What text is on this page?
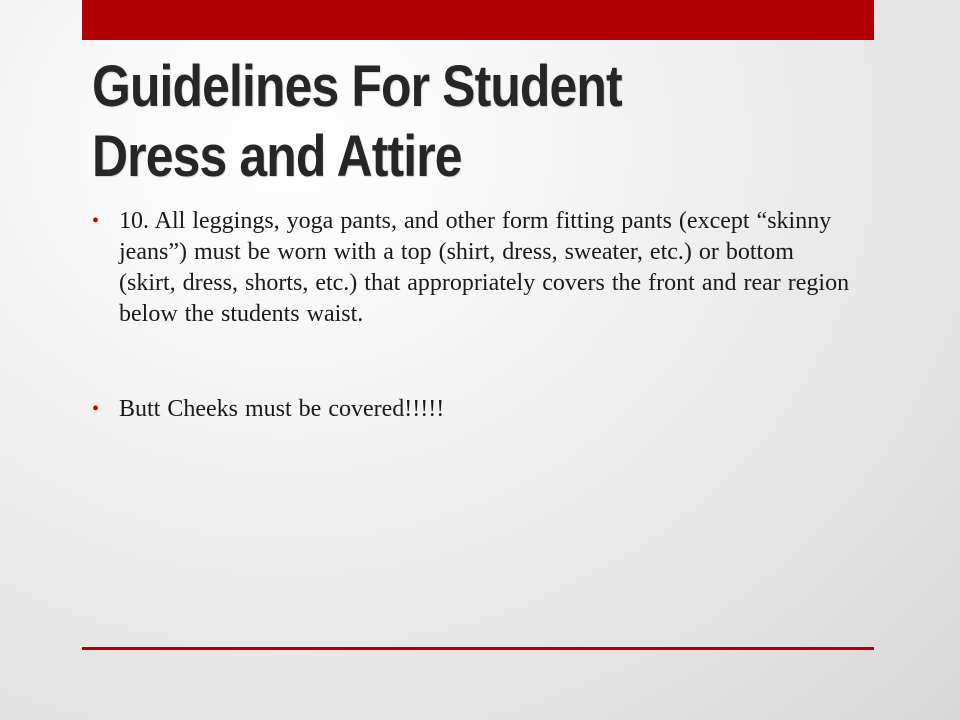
Guidelines For Student
Dress and Attire
• 10. All leggings, yoga pants, and other form fitting pants (except “skinny jeans”) must be worn with a top (shirt, dress, sweater, etc.) or bottom (skirt, dress, shorts, etc.) that appropriately covers the front and rear region below the students waist.
• Butt Cheeks must be covered!!!!!
